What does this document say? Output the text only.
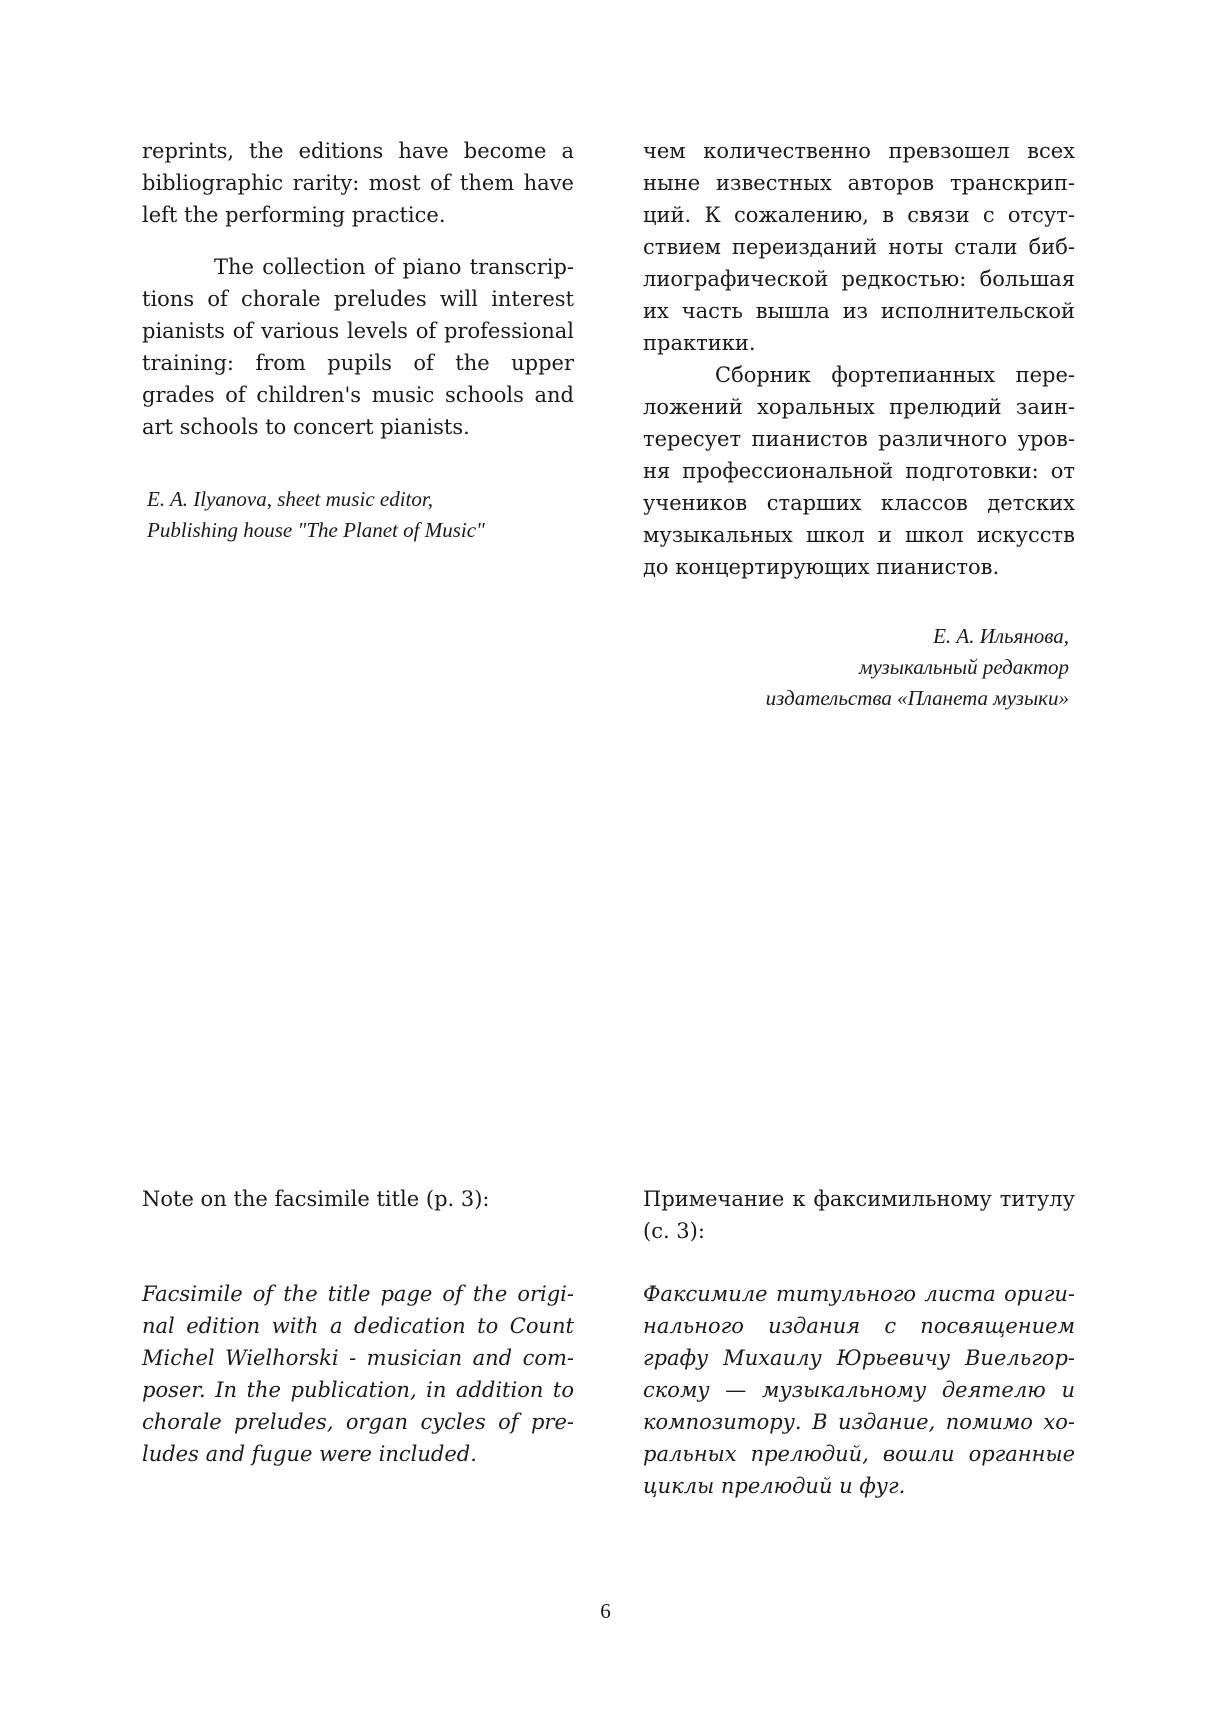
reprints, the editions have become a bibliographic rarity: most of them have left the performing practice.

The collection of piano transcriptions of chorale preludes will interest pianists of various levels of professional training: from pupils of the upper grades of children's music schools and art schools to concert pianists.

E. A. Ilyanova, sheet music editor,
Publishing house "The Planet of Music"

чем количественно превзошел всех ныне известных авторов транскрипций. К сожалению, в связи с отсутствием переизданий ноты стали библиографической редкостью: большая их часть вышла из исполнительской практики.

Сборник фортепианных переложений хоральных прелюдий заинтересует пианистов различного уровня профессиональной подготовки: от учеников старших классов детских музыкальных школ и школ искусств до концертирующих пианистов.

Е. А. Ильянова,
музыкальный редактор
издательства «Планета музыки»
Note on the facsimile title (p. 3):
Facsimile of the title page of the original edition with a dedication to Count Michel Wielhorski - musician and composer. In the publication, in addition to chorale preludes, organ cycles of preludes and fugue were included.
Примечание к факсимильному титулу (с. 3):
Факсимиле титульного листа оригинального издания с посвящением графу Михаилу Юрьевичу Виельгорскому — музыкальному деятелю и композитору. В издание, помимо хоральных прелюдий, вошли органные циклы прелюдий и фуг.
6
